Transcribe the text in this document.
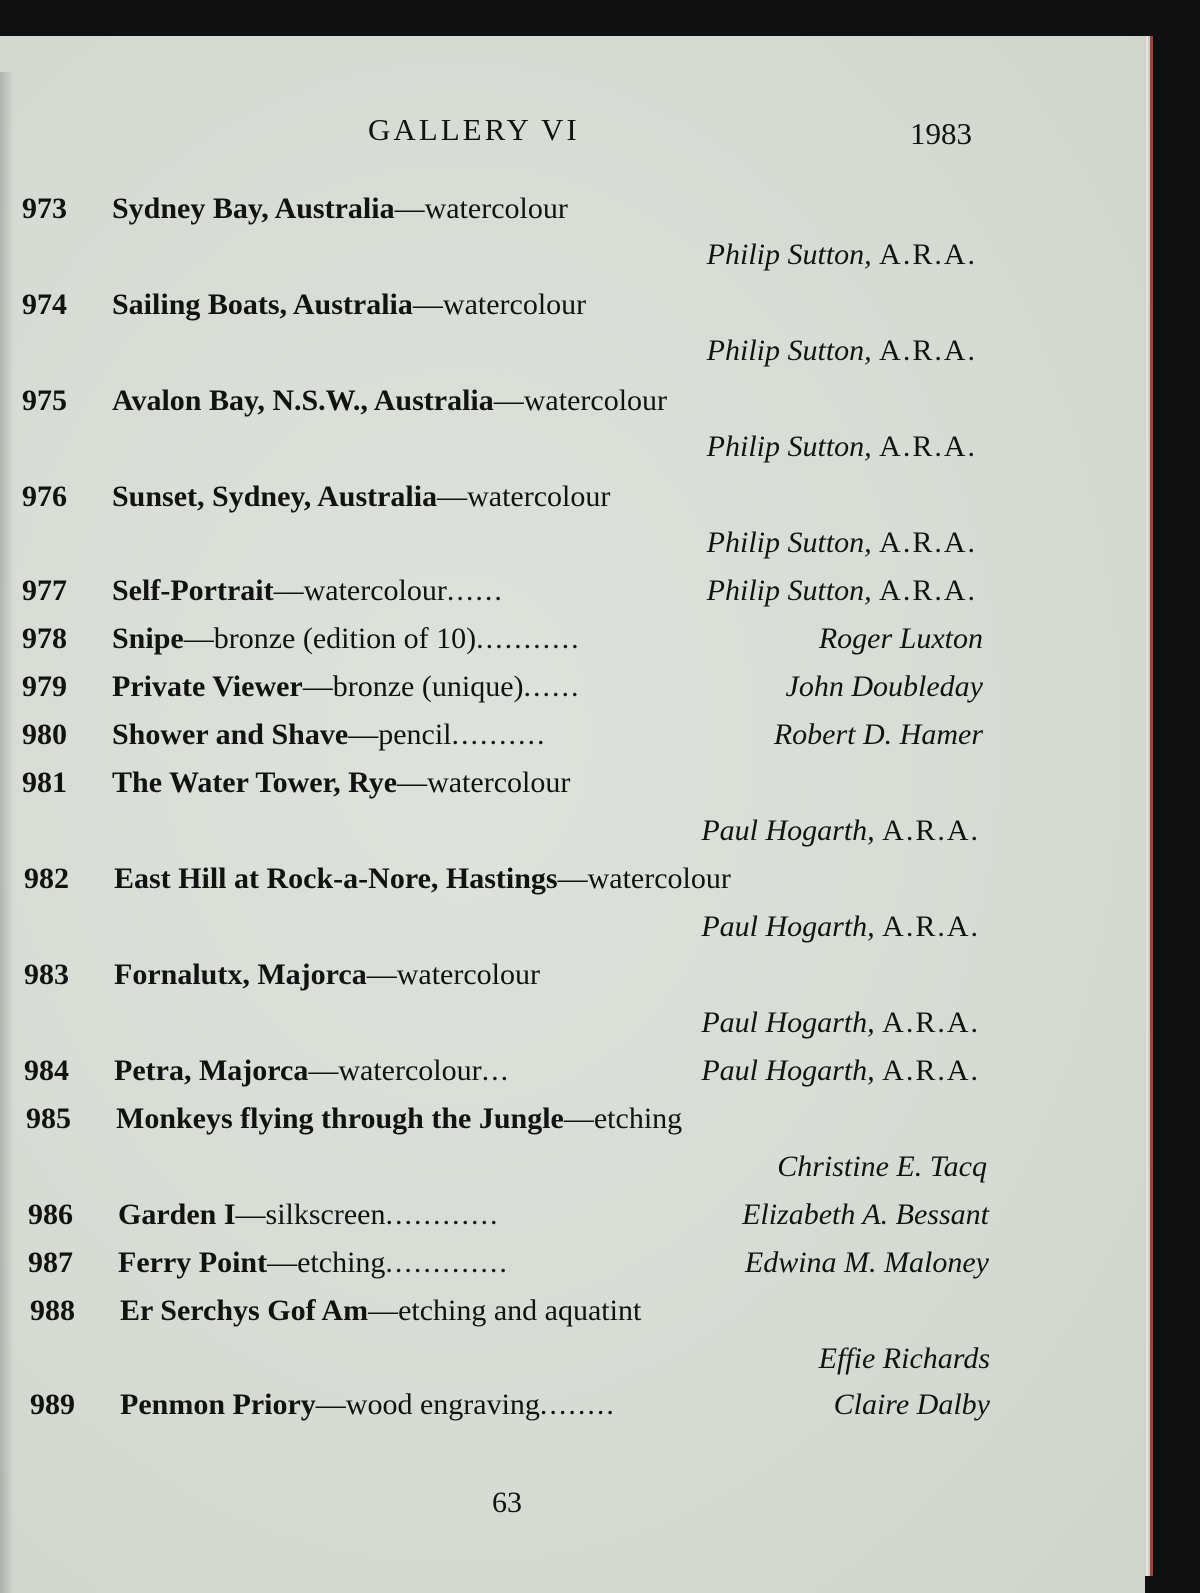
GALLERY VI	1983
973 Sydney Bay, Australia—watercolour
Philip Sutton, A.R.A.
974 Sailing Boats, Australia—watercolour
Philip Sutton, A.R.A.
975 Avalon Bay, N.S.W., Australia—watercolour
Philip Sutton, A.R.A.
976 Sunset, Sydney, Australia—watercolour
Philip Sutton, A.R.A.
977 Self-Portrait—watercolour......	Philip Sutton, A.R.A.
978 Snipe—bronze (edition of 10)...........	Roger Luxton
979 Private Viewer—bronze (unique)......	John Doubleday
980 Shower and Shave—pencil..........	Robert D. Hamer
981 The Water Tower, Rye—watercolour
Paul Hogarth, A.R.A.
982 East Hill at Rock-a-Nore, Hastings—watercolour
Paul Hogarth, A.R.A.
983 Fornalutx, Majorca—watercolour
Paul Hogarth, A.R.A.
984 Petra, Majorca—watercolour...	Paul Hogarth, A.R.A.
985 Monkeys flying through the Jungle—etching
Christine E. Tacq
986 Garden I—silkscreen............	Elizabeth A. Bessant
987 Ferry Point—etching.............	Edwina M. Maloney
988 Er Serchys Gof Am—etching and aquatint
Effie Richards
989 Penmon Priory—wood engraving........	Claire Dalby
63
